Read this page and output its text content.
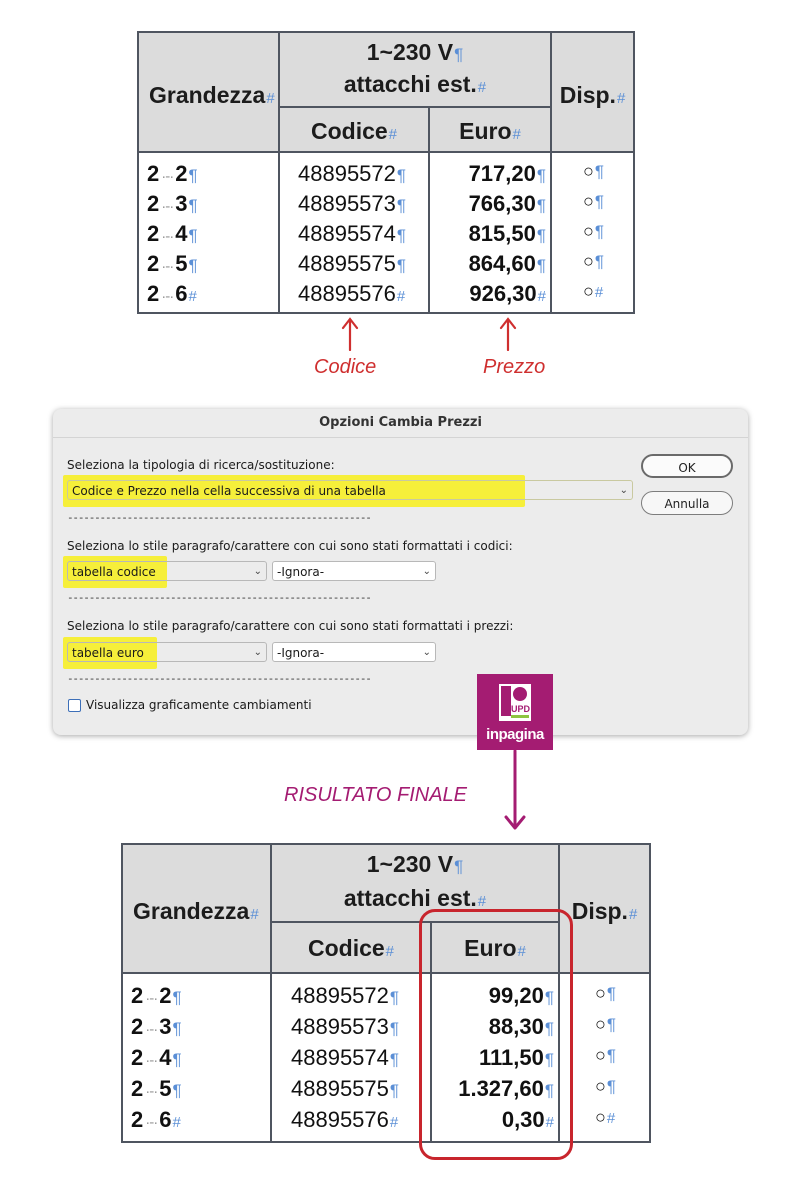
Grandezza#
1~230 V¶
attacchi est.#
Codice#	Euro#
Disp.#
2 ·-·2¶	48895572¶	717,20¶ ○¶
2 ·-·3¶	48895573¶	766,30¶ ○¶
2 ·-·4¶	48895574¶	815,50¶ ○¶
2 ·-·5¶	48895575¶	864,60¶ ○¶
2 ·-·6#	48895576#	926,30# ○#
Codice	Prezzo
Opzioni Cambia Prezzi
Seleziona la tipologia di ricerca/sostituzione:
Codice e Prezzo nella cella successiva di una tabella	⌄
--------------------------------------------------------
Seleziona lo stile paragrafo/carattere con cui sono stati formattati i codici:
tabella codice	⌄	-Ignora-	⌄
--------------------------------------------------------
Seleziona lo stile paragrafo/carattere con cui sono stati formattati i prezzi:
tabella euro	⌄	-Ignora-	⌄
--------------------------------------------------------
Visualizza graficamente cambiamenti
OK
Annulla
UPD
inpagina
RISULTATO FINALE
Grandezza#
1~230 V¶
attacchi est.#
Codice#	Euro#
Disp.#
2 ·-·2¶	48895572¶	99,20¶ ○¶
2 ·-·3¶	48895573¶	88,30¶ ○¶
2 ·-·4¶	48895574¶	111,50¶ ○¶
2 ·-·5¶	48895575¶	1.327,60¶ ○¶
2 ·-·6#	48895576#	0,30# ○#
